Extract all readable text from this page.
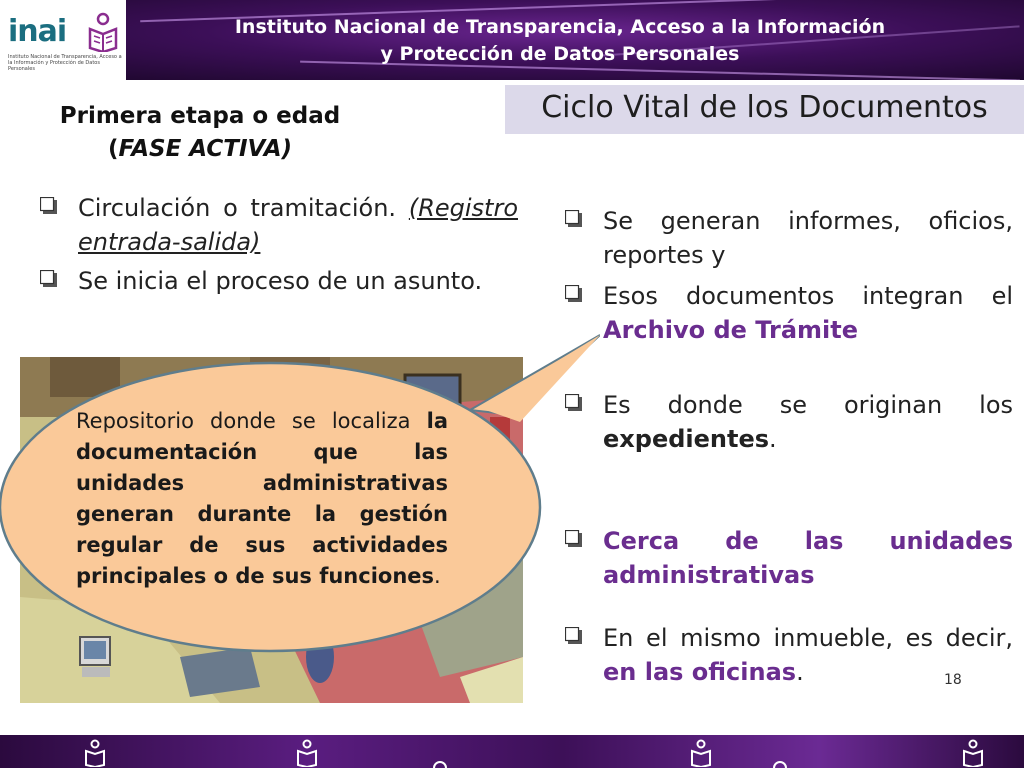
inai
Instituto Nacional de Transparencia, Acceso a la Información y Protección de Datos Personales
Instituto Nacional de Transparencia, Acceso a la Información
y Protección de Datos Personales
Primera etapa o edad
(FASE ACTIVA)
Ciclo Vital de los Documentos
Circulación o tramitación. (Registro entrada-salida)
Se inicia el proceso de un asunto.
Repositorio donde se localiza la documentación que las unidades administrativas generan durante la gestión regular de sus actividades principales o de sus funciones.
Se generan informes, oficios, reportes y
Esos documentos integran el Archivo de Trámite
Es donde se originan los expedientes.
Cerca de las unidades administrativas
En el mismo inmueble, es decir, en las oficinas.	18
